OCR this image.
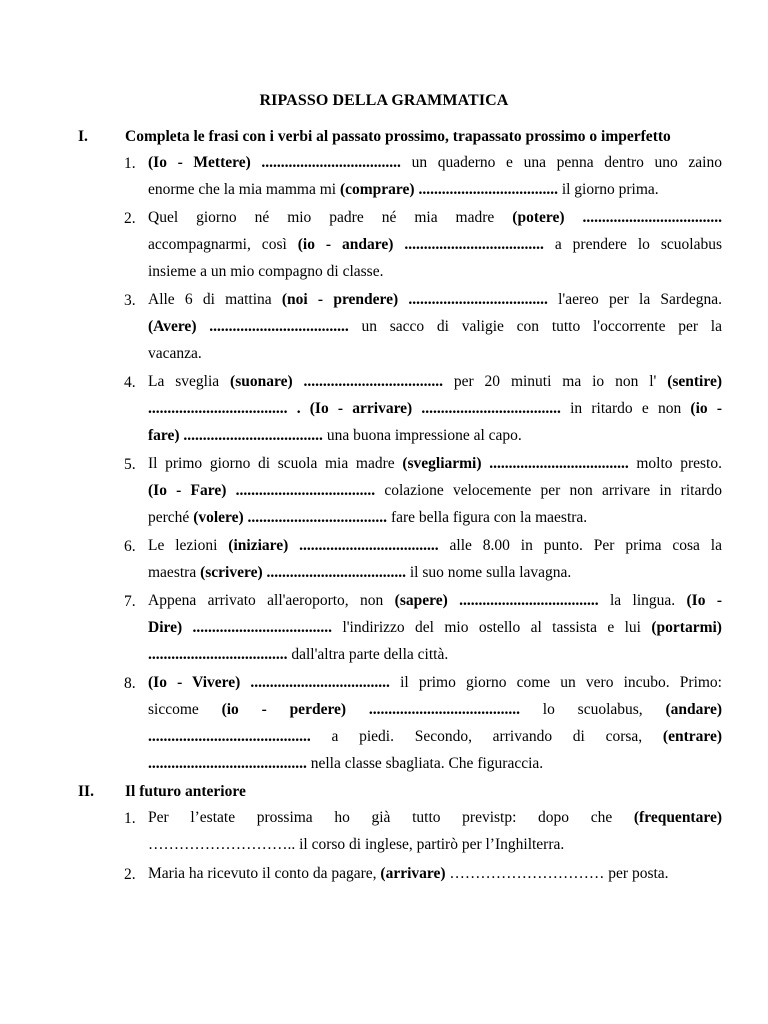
RIPASSO DELLA GRAMMATICA
I. Completa le frasi con i verbi al passato prossimo, trapassato prossimo o imperfetto
1. (Io - Mettere) .................................... un quaderno e una penna dentro uno zaino
enorme che la mia mamma mi (comprare) .................................... il giorno prima.
2. Quel giorno né mio padre né mia madre (potere) ....................................
accompagnarmi, così (io - andare) .................................... a prendere lo scuolabus
insieme a un mio compagno di classe.
3. Alle 6 di mattina (noi - prendere) .................................... l'aereo per la Sardegna.
(Avere) .................................... un sacco di valigie con tutto l'occorrente per la
vacanza.
4. La sveglia (suonare) .................................... per 20 minuti ma io non l' (sentire)
.................................... . (Io - arrivare) .................................... in ritardo e non (io -
fare) .................................... una buona impressione al capo.
5. Il primo giorno di scuola mia madre (svegliarmi) .................................... molto presto.
(Io - Fare) .................................... colazione velocemente per non arrivare in ritardo
perché (volere) .................................... fare bella figura con la maestra.
6. Le lezioni (iniziare) .................................... alle 8.00 in punto. Per prima cosa la
maestra (scrivere) .................................... il suo nome sulla lavagna.
7. Appena arrivato all'aeroporto, non (sapere) .................................... la lingua. (Io -
Dire) .................................... l'indirizzo del mio ostello al tassista e lui (portarmi)
.................................... dall'altra parte della città.
8. (Io - Vivere) .................................... il primo giorno come un vero incubo. Primo:
siccome (io - perdere) ....................................... lo scuolabus, (andare)
.......................................... a piedi. Secondo, arrivando di corsa, (entrare)
......................................... nella classe sbagliata. Che figuraccia.
II. Il futuro anteriore
1. Per l’estate prossima ho già tutto previstp: dopo che (frequentare)
……………………….. il corso di inglese, partirò per l’Inghilterra.
2. Maria ha ricevuto il conto da pagare, (arrivare) ………………………… per posta.
